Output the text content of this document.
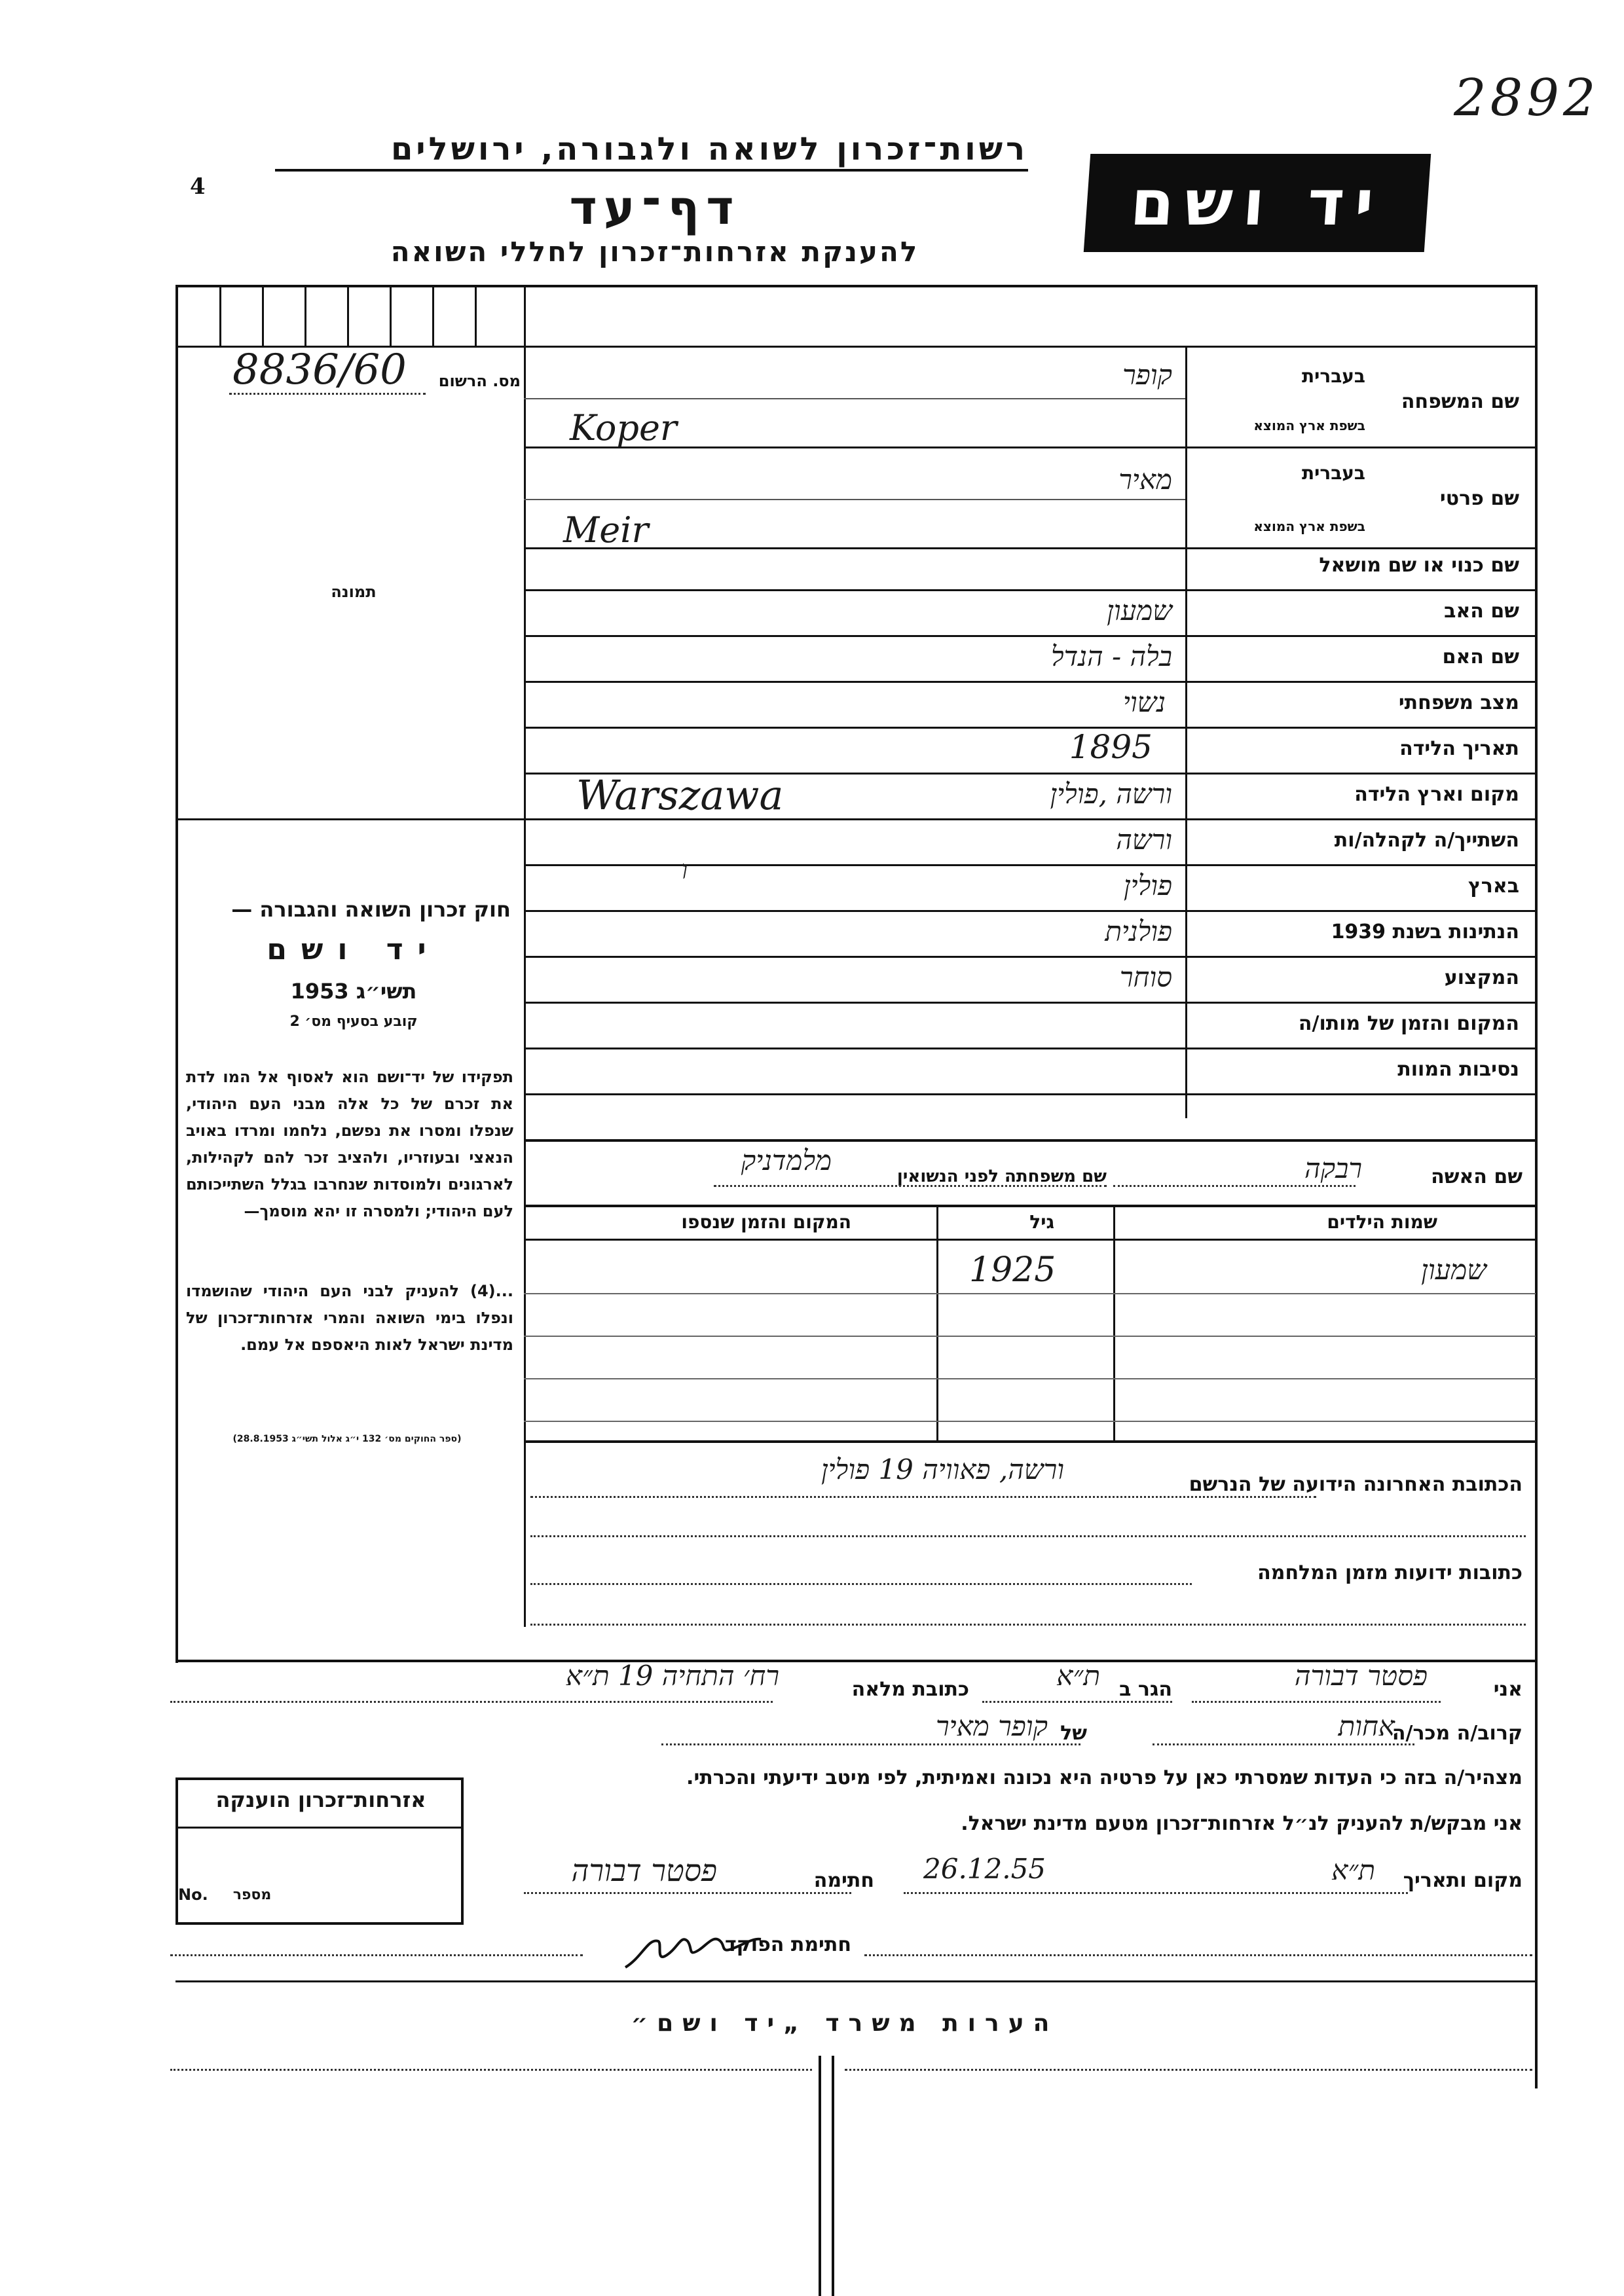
2892
4
רשות־זכרון לשואה ולגבורה, ירושלים
דף־עד
להענקת אזרחות־זכרון לחללי השואה
יד ושם
מס. הרשום
8836/60
תמונה
שם המשפחה
בעברית
בשפת ארץ המוצא
קופר
Koper
שם פרטי
בעברית
בשפת ארץ המוצא
מאיר
Meir
שם כנוי או שם מושאל
שם האב
שמעון
שם האם
בלה - הנדל
מצב משפחתי
נשוי
תאריך הלידה
1895
מקום וארץ הלידה
ורשה ,פולין
Warszawa
השתייך/ה לקהלה/ות
ורשה
ו
בארץ
פולין
הנתינות בשנת 1939
פולנית
המקצוע
סוחר
המקום והזמן של מותו/ה
נסיבות המוות
חוק זכרון השואה והגבורה —
יד ושם
תשי״ג 1953
קובע בסעיף מס׳ 2
תפקידו של יד־ושם הוא לאסוף אל המו לדת את זכרם של כל אלה מבני העם היהודי, שנפלו ומסרו את נפשם, נלחמו ומרדו באויב הנאצי ובעוזריו, ולהציב זכר להם לקהילות, לארגונים ולמוסדות שנחרבו בגלל השתייכותם לעם היהודי; ולמסרה זו יהא מוסמך—
...(4) להעניק לבני העם היהודי שהושמדו ונפלו בימי השואה והמרי אזרחות־זכרון של מדינת ישראל לאות היאספם אל עמם.
(ספר החוקים מס׳ 132 י״ג אלול תשי״ג 28.8.1953)
שם האשה
רבקה
שם משפחתה לפני הנשואין
מלמדניק
שמות הילדים
גיל
המקום והזמן שנספו
שמעון
1925
הכתובת האחרונה הידועה של הנרשם
ורשה, פאוויה 19 פולין
כתובות ידועות מזמן המלחמה
אני
פסטר דבורה
הגר ב
ת״א
כתובת מלאה
רח׳ התחיה 19 ת״א
קרוב/ה מכר/ה
אחות
של
קופר מאיר
מצהיר/ה בזה כי העדות שמסרתי כאן על פרטיה היא נכונה ואמיתית, לפי מיטב ידיעתי והכרתי.
אני מבקש/ת להעניק לנ״ל אזרחות־זכרון מטעם מדינת ישראל.
מקום ותאריך
ת״א
26.12.55
חתימה
פסטר דבורה
חתימת הפוקד
אזרחות־זכרון הוענקה
מספר
No.
הערות משרד „יד ושם״
